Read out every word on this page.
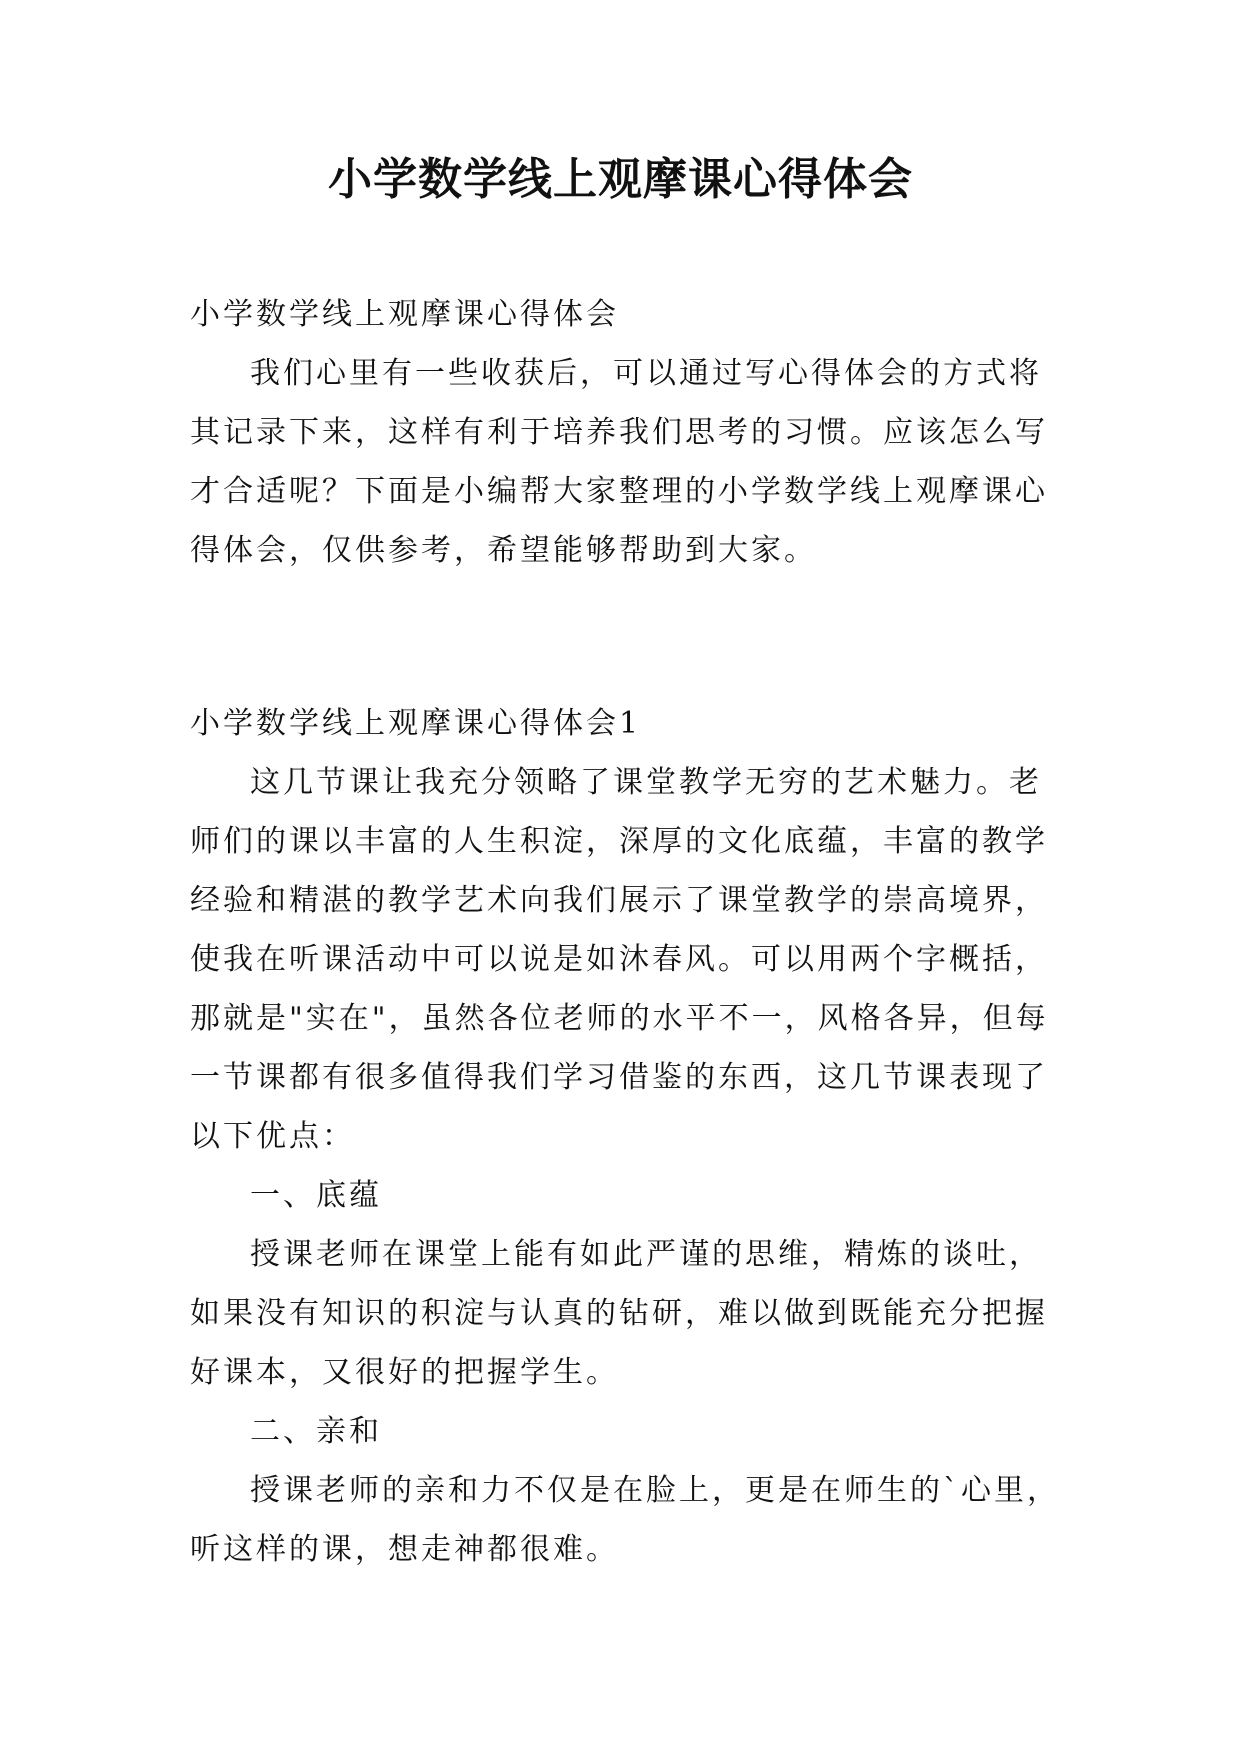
小学数学线上观摩课心得体会

小学数学线上观摩课心得体会

我们心里有一些收获后，可以通过写心得体会的方式将其记录下来，这样有利于培养我们思考的习惯。应该怎么写才合适呢？下面是小编帮大家整理的小学数学线上观摩课心得体会，仅供参考，希望能够帮助到大家。

小学数学线上观摩课心得体会1

这几节课让我充分领略了课堂教学无穷的艺术魅力。老师们的课以丰富的人生积淀，深厚的文化底蕴，丰富的教学经验和精湛的教学艺术向我们展示了课堂教学的崇高境界，使我在听课活动中可以说是如沐春风。可以用两个字概括，那就是"实在"，虽然各位老师的水平不一，风格各异，但每一节课都有很多值得我们学习借鉴的东西，这几节课表现了以下优点：

一、底蕴

授课老师在课堂上能有如此严谨的思维，精炼的谈吐，如果没有知识的积淀与认真的钻研，难以做到既能充分把握好课本，又很好的把握学生。

二、亲和

授课老师的亲和力不仅是在脸上，更是在师生的`心里，听这样的课，想走神都很难。
